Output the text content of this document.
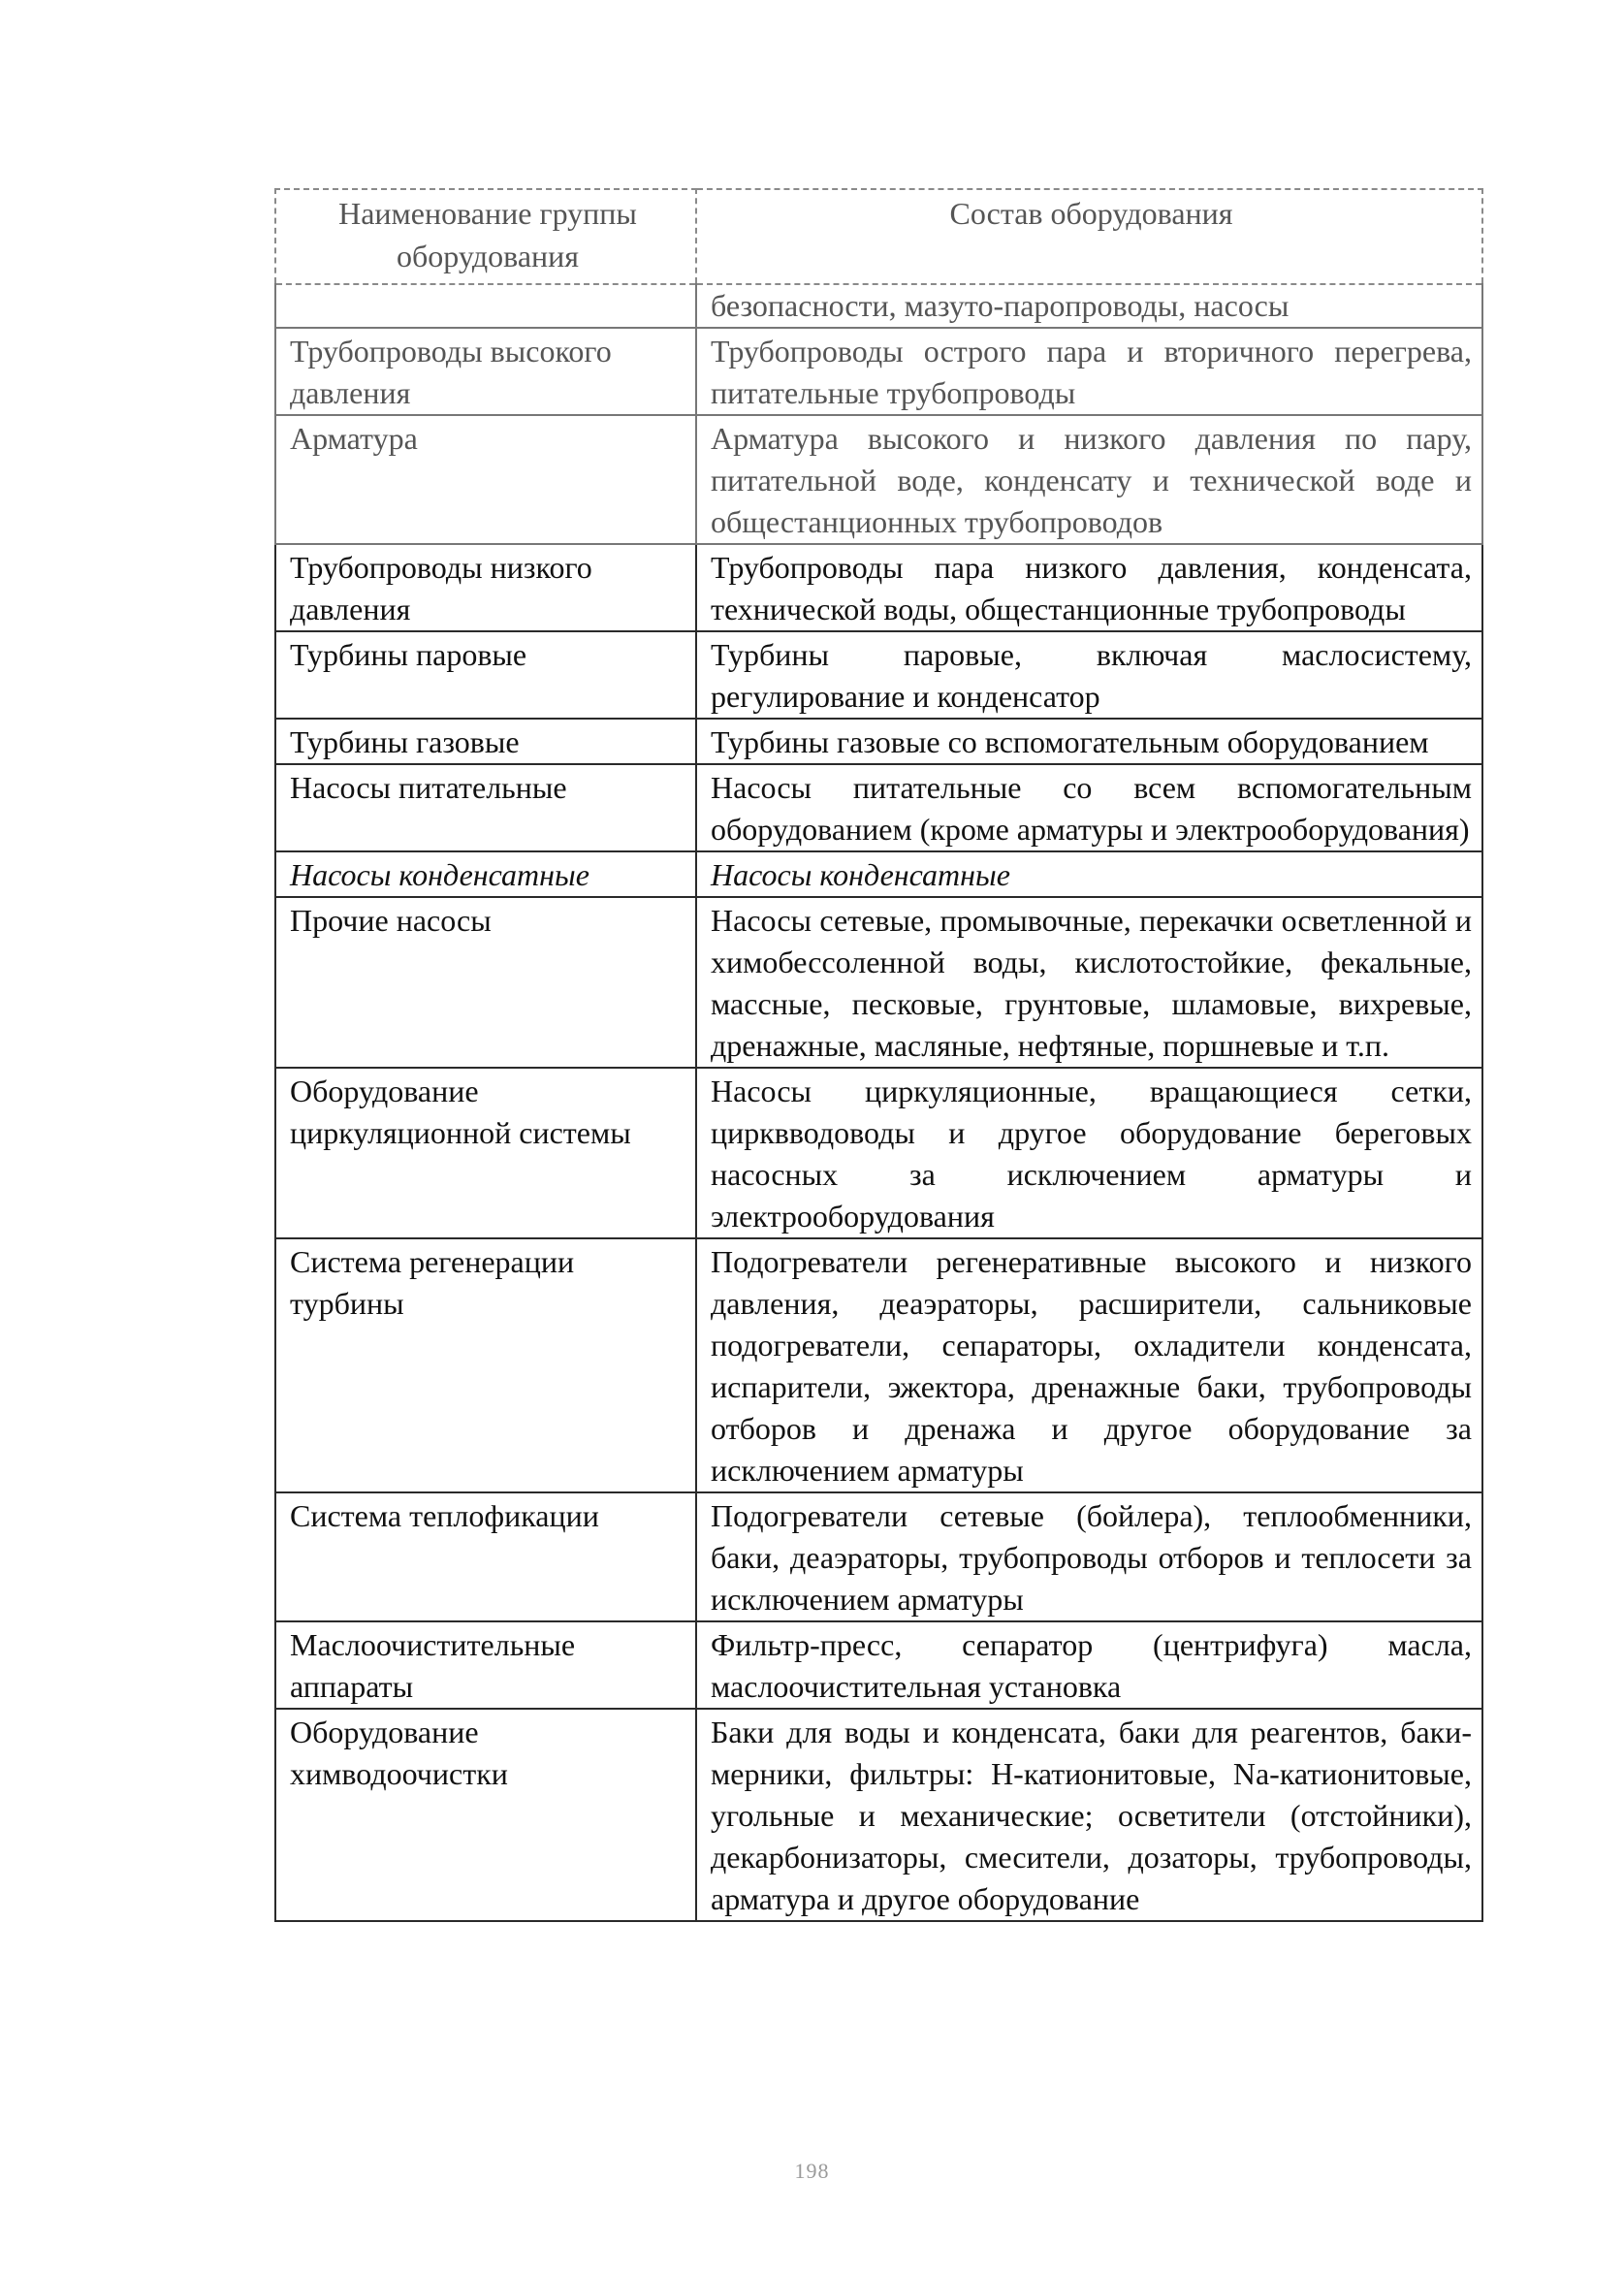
Наименование группы оборудования	Состав оборудования
	безопасности, мазуто-паропроводы, насосы
Трубопроводы высокого давления	Трубопроводы острого пара и вторичного перегрева, питательные трубопроводы
Арматура	Арматура высокого и низкого давления по пару, питательной воде, конденсату и технической воде и общестанционных трубопроводов
Трубопроводы низкого давления	Трубопроводы пара низкого давления, конденсата, технической воды, общестанционные трубопроводы
Турбины паровые	Турбины паровые, включая маслосистему, регулирование и конденсатор
Турбины газовые	Турбины газовые со вспомогательным оборудованием
Насосы питательные	Насосы питательные со всем вспомогательным оборудованием (кроме арматуры и электрооборудования)
Насосы конденсатные	Насосы конденсатные
Прочие насосы	Насосы сетевые, промывочные, перекачки осветленной и химобессоленной воды, кислотостойкие, фекальные, массные, песковые, грунтовые, шламовые, вихревые, дренажные, масляные, нефтяные, поршневые и т.п.
Оборудование циркуляционной системы	Насосы циркуляционные, вращающиеся сетки, цирквводоводы и другое оборудование береговых насосных за исключением арматуры и электрооборудования
Система регенерации турбины	Подогреватели регенеративные высокого и низкого давления, деаэраторы, расширители, сальниковые подогреватели, сепараторы, охладители конденсата, испарители, эжектора, дренажные баки, трубопроводы отборов и дренажа и другое оборудование за исключением арматуры
Система теплофикации	Подогреватели сетевые (бойлера), теплообменники, баки, деаэраторы, трубопроводы отборов и теплосети за исключением арматуры
Маслоочистительные аппараты	Фильтр-пресс, сепаратор (центрифуга) масла, маслоочистительная установка
Оборудование химводоочистки	Баки для воды и конденсата, баки для реагентов, баки-мерники, фильтры: Н-катионитовые, Na-катионитовые, угольные и механические; осветители (отстойники), декарбонизаторы, смесители, дозаторы, трубопроводы, арматура и другое оборудование
198
